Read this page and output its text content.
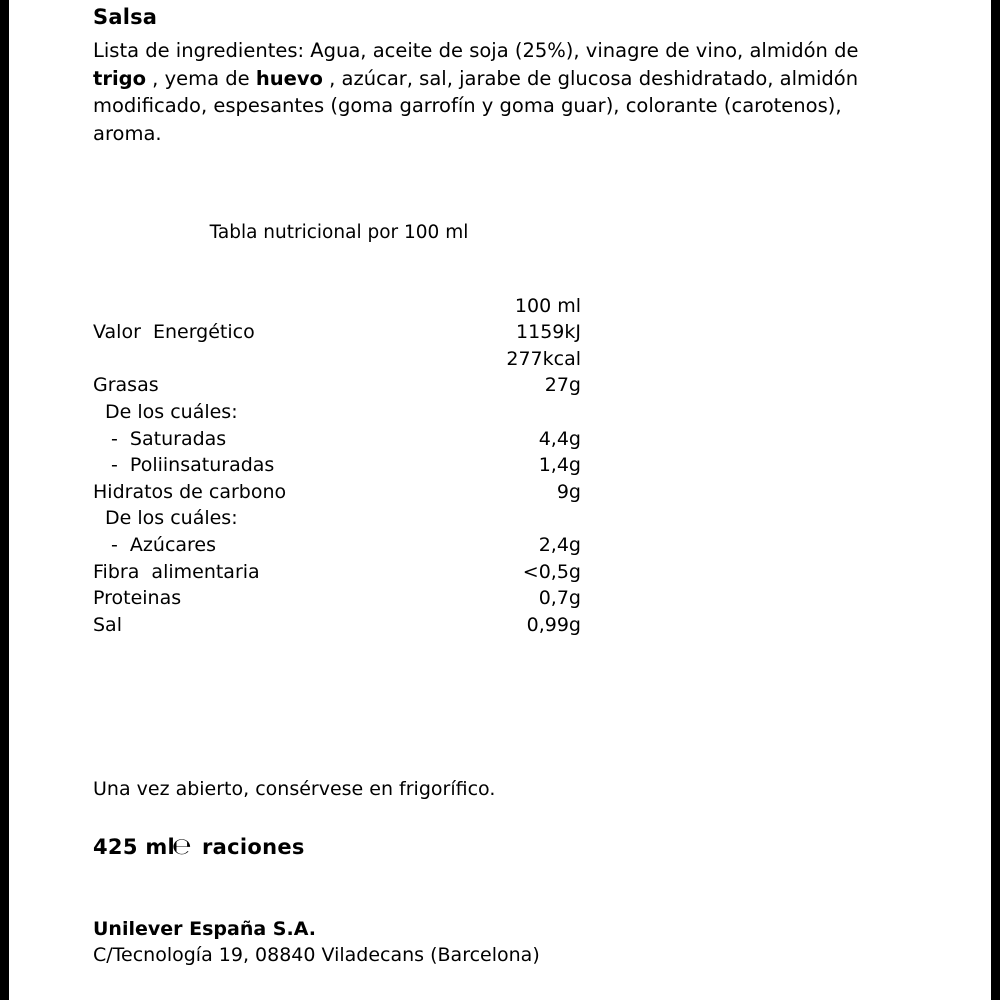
Salsa
Lista de ingredientes: Agua, aceite de soja (25%), vinagre de vino, almidón de trigo , yema de huevo , azúcar, sal, jarabe de glucosa deshidratado, almidón modificado, espesantes (goma garrofín y goma guar), colorante (carotenos), aroma.
Tabla nutricional por 100 ml
	100 ml
Valor  Energético	1159kJ
	277kcal
Grasas	27g
De los cuáles:	
-  Saturadas	4,4g
-  Poliinsaturadas	1,4g
Hidratos de carbono	9g
De los cuáles:	
-  Azúcares	2,4g
Fibra  alimentaria	<0,5g
Proteinas	0,7g
Sal	0,99g
Una vez abierto, consérvese en frigorífico.
425 ml℮ raciones
Unilever España S.A.
C/Tecnología 19, 08840 Viladecans (Barcelona)
